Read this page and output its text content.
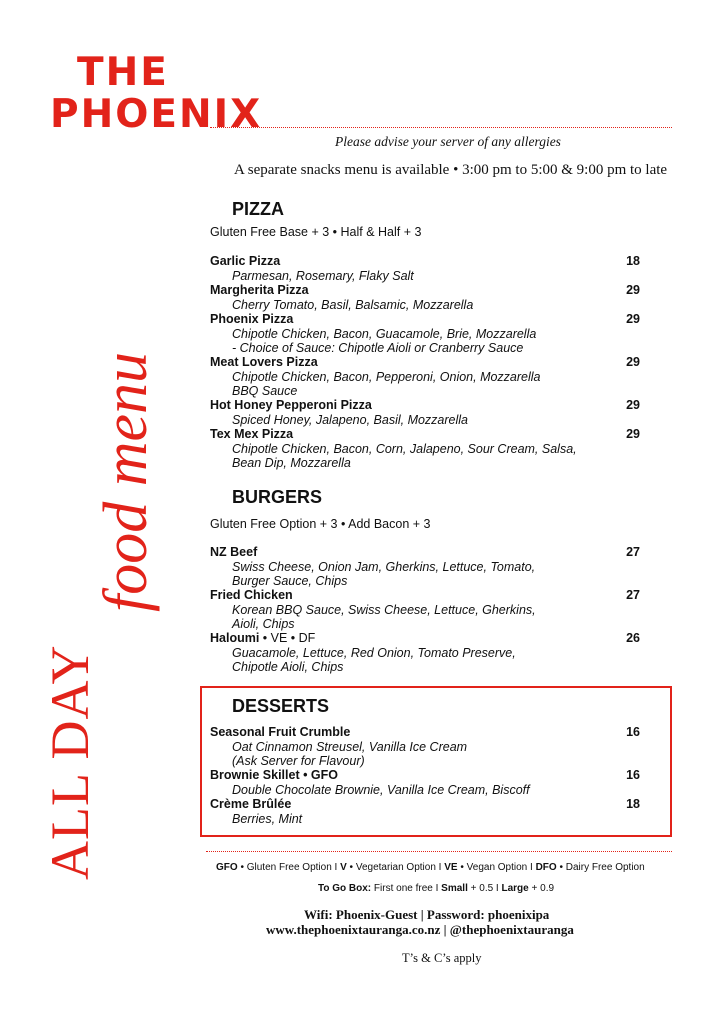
THE
PHOENIX
Please advise your server of any allergies
A separate snacks menu is available • 3:00 pm to 5:00 & 9:00 pm to late
ALL DAY
food menu
PIZZA
Gluten Free Base + 3 • Half & Half + 3
Garlic Pizza	18
Parmesan, Rosemary, Flaky Salt
Margherita Pizza	29
Cherry Tomato, Basil, Balsamic, Mozzarella
Phoenix Pizza	29
Chipotle Chicken, Bacon, Guacamole, Brie, Mozzarella
- Choice of Sauce: Chipotle Aioli or Cranberry Sauce
Meat Lovers Pizza	29
Chipotle Chicken, Bacon, Pepperoni, Onion, Mozzarella
BBQ Sauce
Hot Honey Pepperoni Pizza	29
Spiced Honey, Jalapeno, Basil, Mozzarella
Tex Mex Pizza	29
Chipotle Chicken, Bacon, Corn, Jalapeno, Sour Cream, Salsa,
Bean Dip, Mozzarella
BURGERS
Gluten Free Option + 3 • Add Bacon + 3
NZ Beef	27
Swiss Cheese, Onion Jam, Gherkins, Lettuce, Tomato,
Burger Sauce, Chips
Fried Chicken	27
Korean BBQ Sauce, Swiss Cheese, Lettuce, Gherkins,
Aioli, Chips
Haloumi • VE • DF	26
Guacamole, Lettuce, Red Onion, Tomato Preserve,
Chipotle Aioli, Chips
DESSERTS
Seasonal Fruit Crumble	16
Oat Cinnamon Streusel, Vanilla Ice Cream
(Ask Server for Flavour)
Brownie Skillet • GFO	16
Double Chocolate Brownie, Vanilla Ice Cream, Biscoff
Crème Brûlée	18
Berries, Mint
GFO • Gluten Free Option I V • Vegetarian Option I VE • Vegan Option I DFO • Dairy Free Option
To Go Box: First one free I Small + 0.5 I Large + 0.9
Wifi: Phoenix-Guest | Password: phoenixipa
www.thephoenixtauranga.co.nz | @thephoenixtauranga
T’s & C’s apply
